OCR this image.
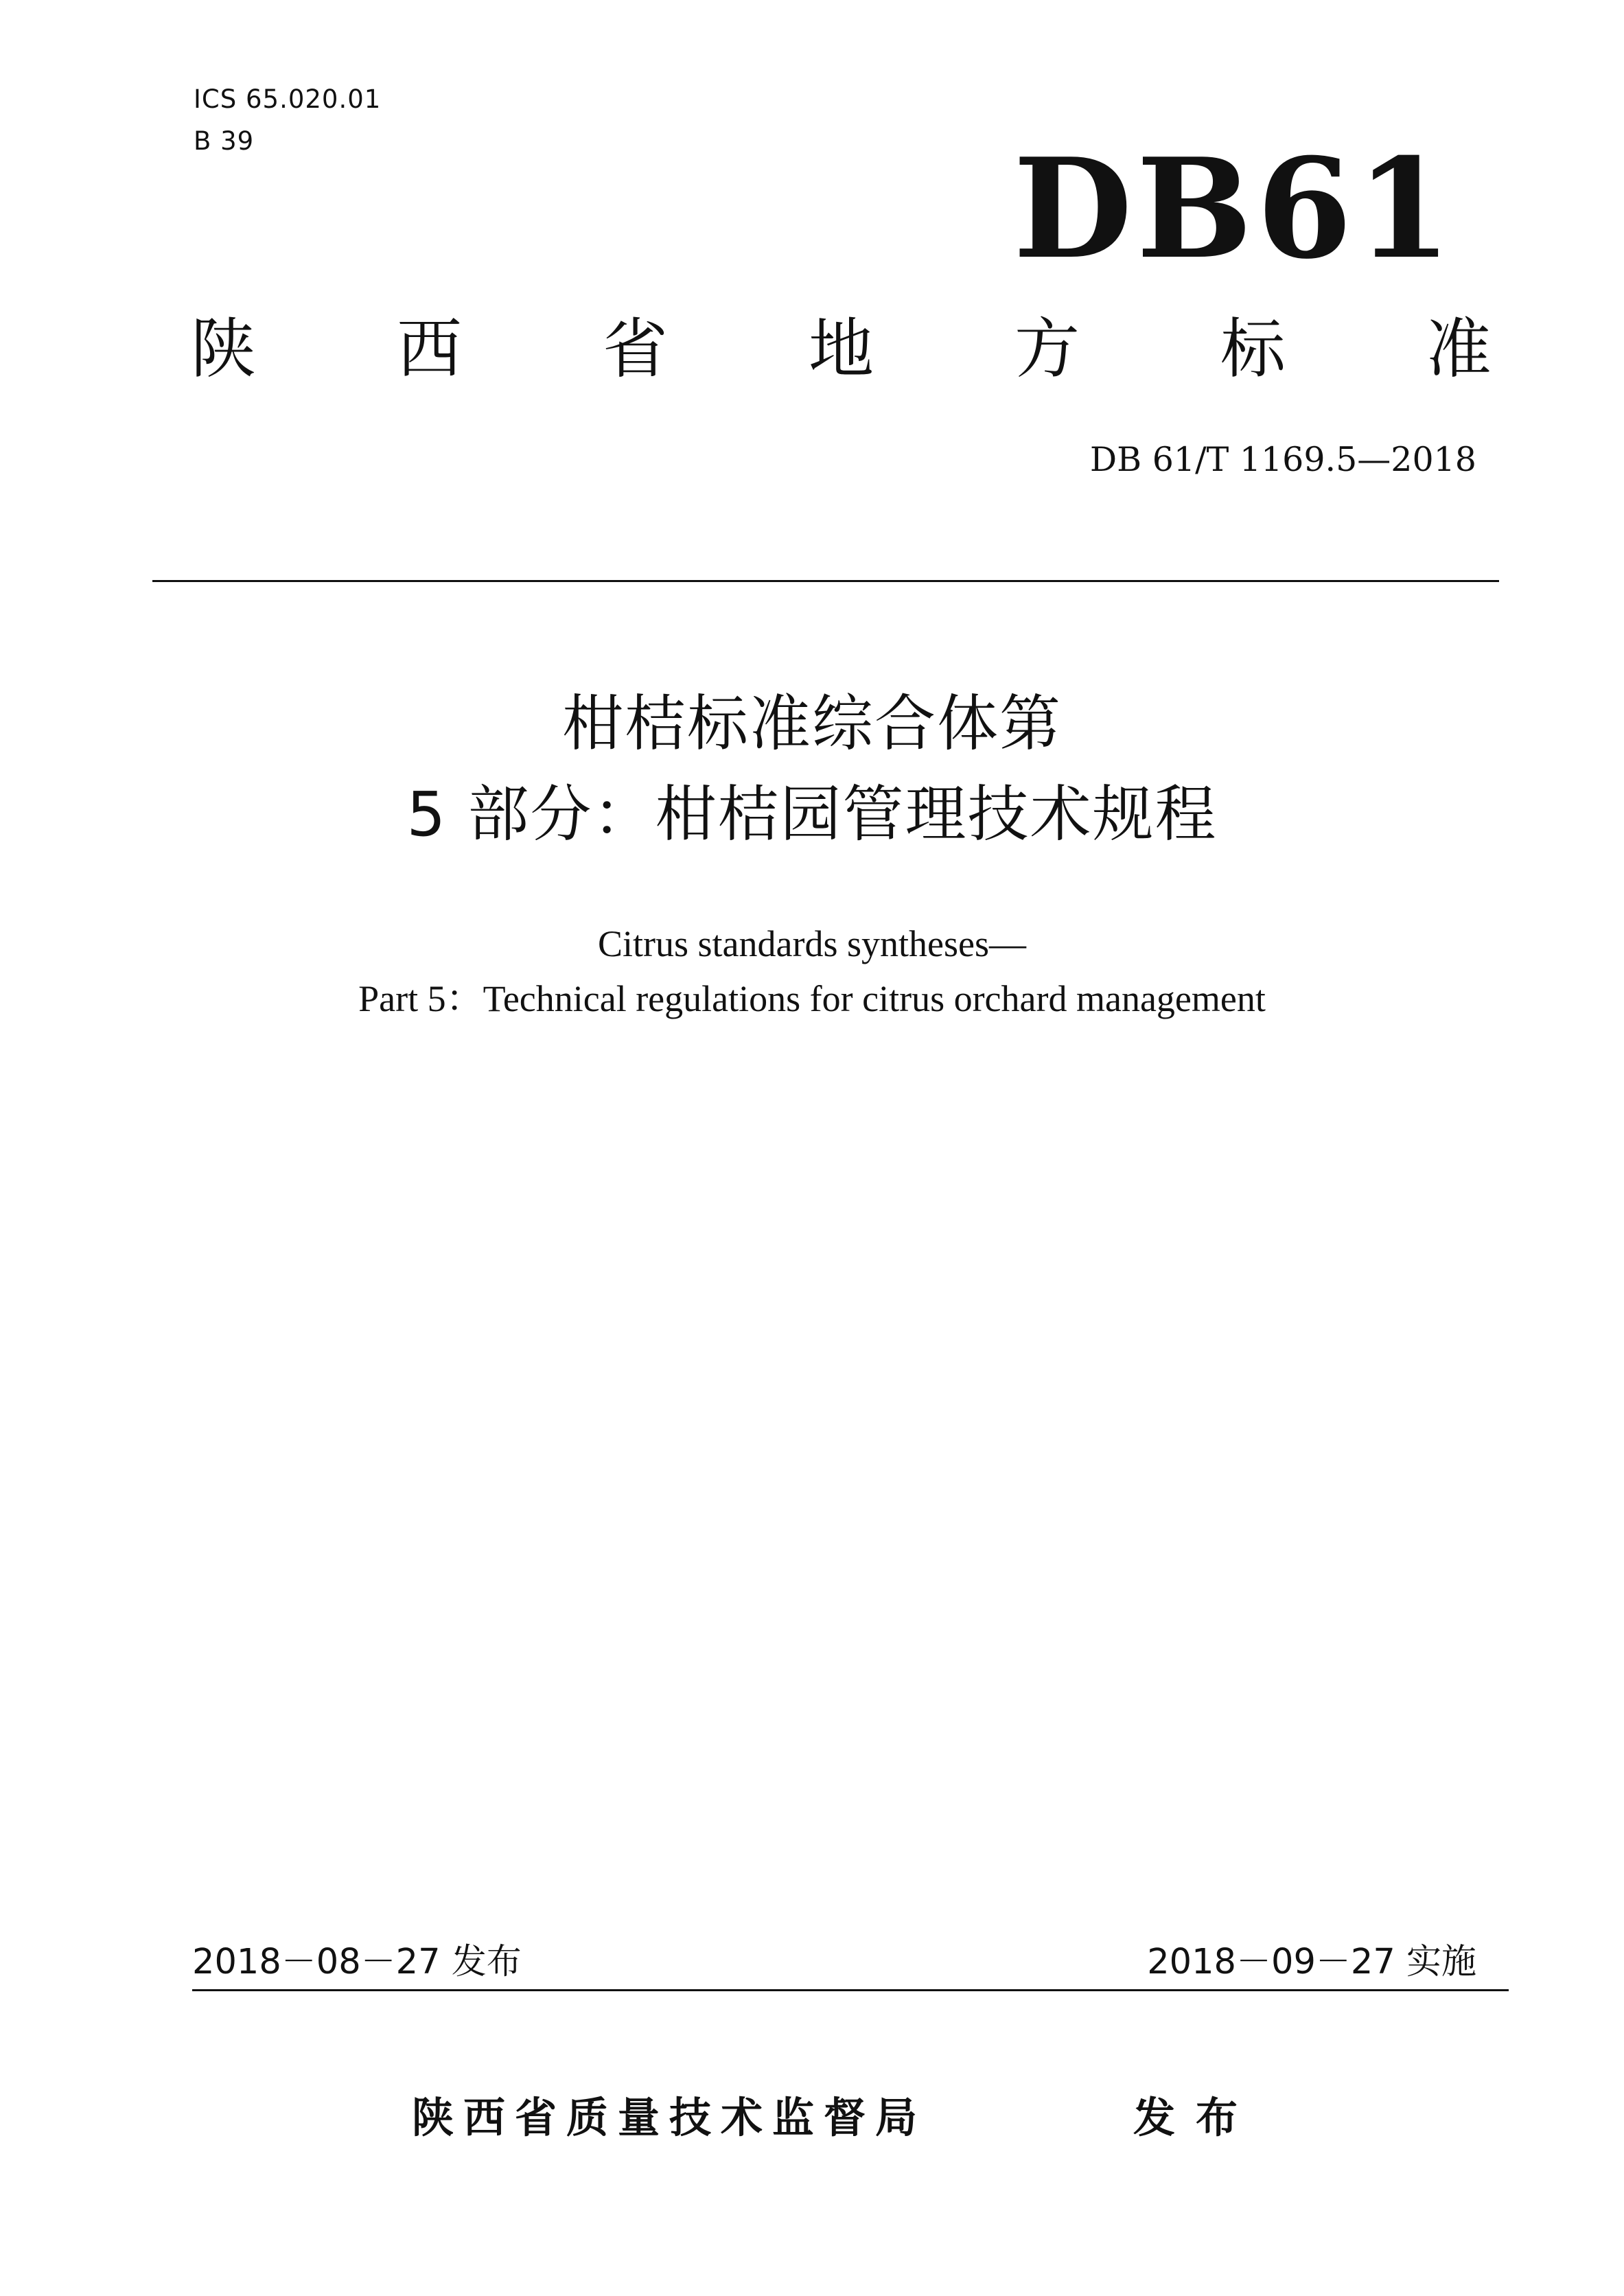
ICS 65.020.01
B 39	DB61
陕 西 省 地 方 标 准
DB 61/T 1169.5—2018
柑桔标准综合体第
5 部分：柑桔园管理技术规程
Citrus standards syntheses—
Part 5：Technical regulations for citrus orchard management
2018－08－27 发布	2018－09－27 实施
陕西省质量技术监督局	发布
